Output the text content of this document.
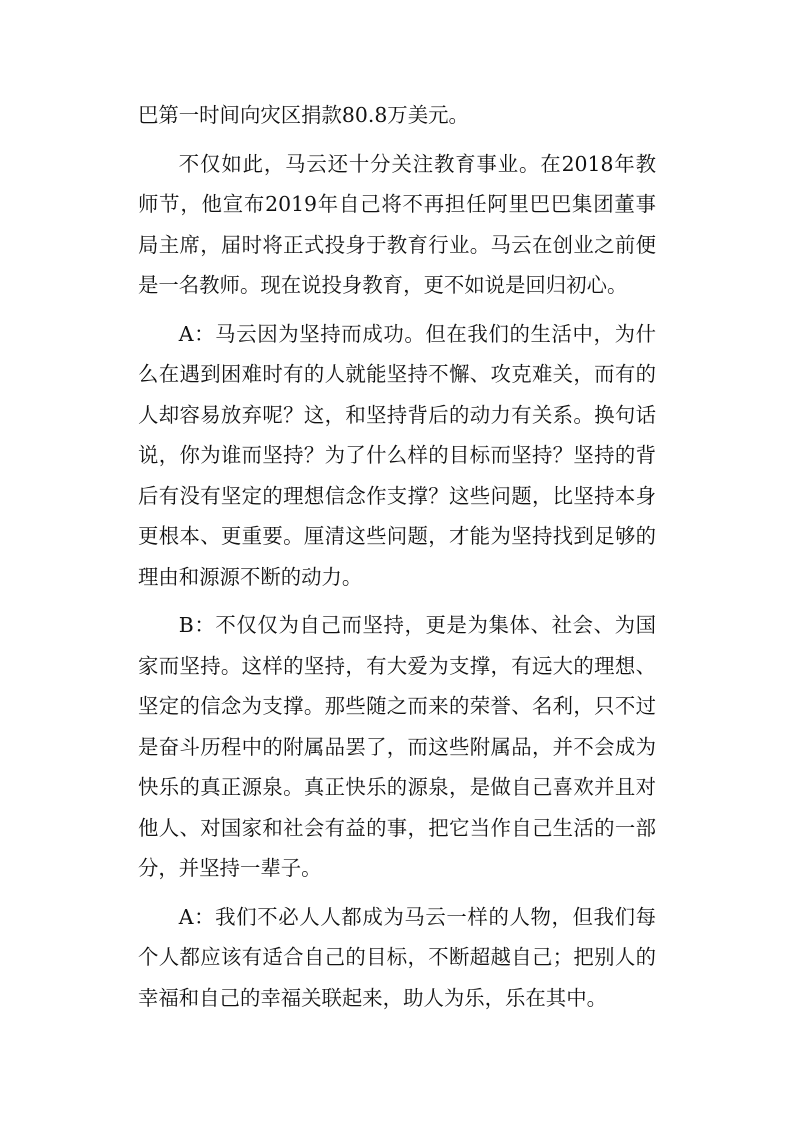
巴第一时间向灾区捐款80.8万美元。

不仅如此，马云还十分关注教育事业。在2018年教师节，他宣布2019年自己将不再担任阿里巴巴集团董事局主席，届时将正式投身于教育行业。马云在创业之前便是一名教师。现在说投身教育，更不如说是回归初心。

A：马云因为坚持而成功。但在我们的生活中，为什么在遇到困难时有的人就能坚持不懈、攻克难关，而有的人却容易放弃呢？这，和坚持背后的动力有关系。换句话说，你为谁而坚持？为了什么样的目标而坚持？坚持的背后有没有坚定的理想信念作支撑？这些问题，比坚持本身更根本、更重要。厘清这些问题，才能为坚持找到足够的理由和源源不断的动力。

B：不仅仅为自己而坚持，更是为集体、社会、为国家而坚持。这样的坚持，有大爱为支撑，有远大的理想、坚定的信念为支撑。那些随之而来的荣誉、名利，只不过是奋斗历程中的附属品罢了，而这些附属品，并不会成为快乐的真正源泉。真正快乐的源泉，是做自己喜欢并且对他人、对国家和社会有益的事，把它当作自己生活的一部分，并坚持一辈子。

A：我们不必人人都成为马云一样的人物，但我们每个人都应该有适合自己的目标，不断超越自己；把别人的幸福和自己的幸福关联起来，助人为乐，乐在其中。
